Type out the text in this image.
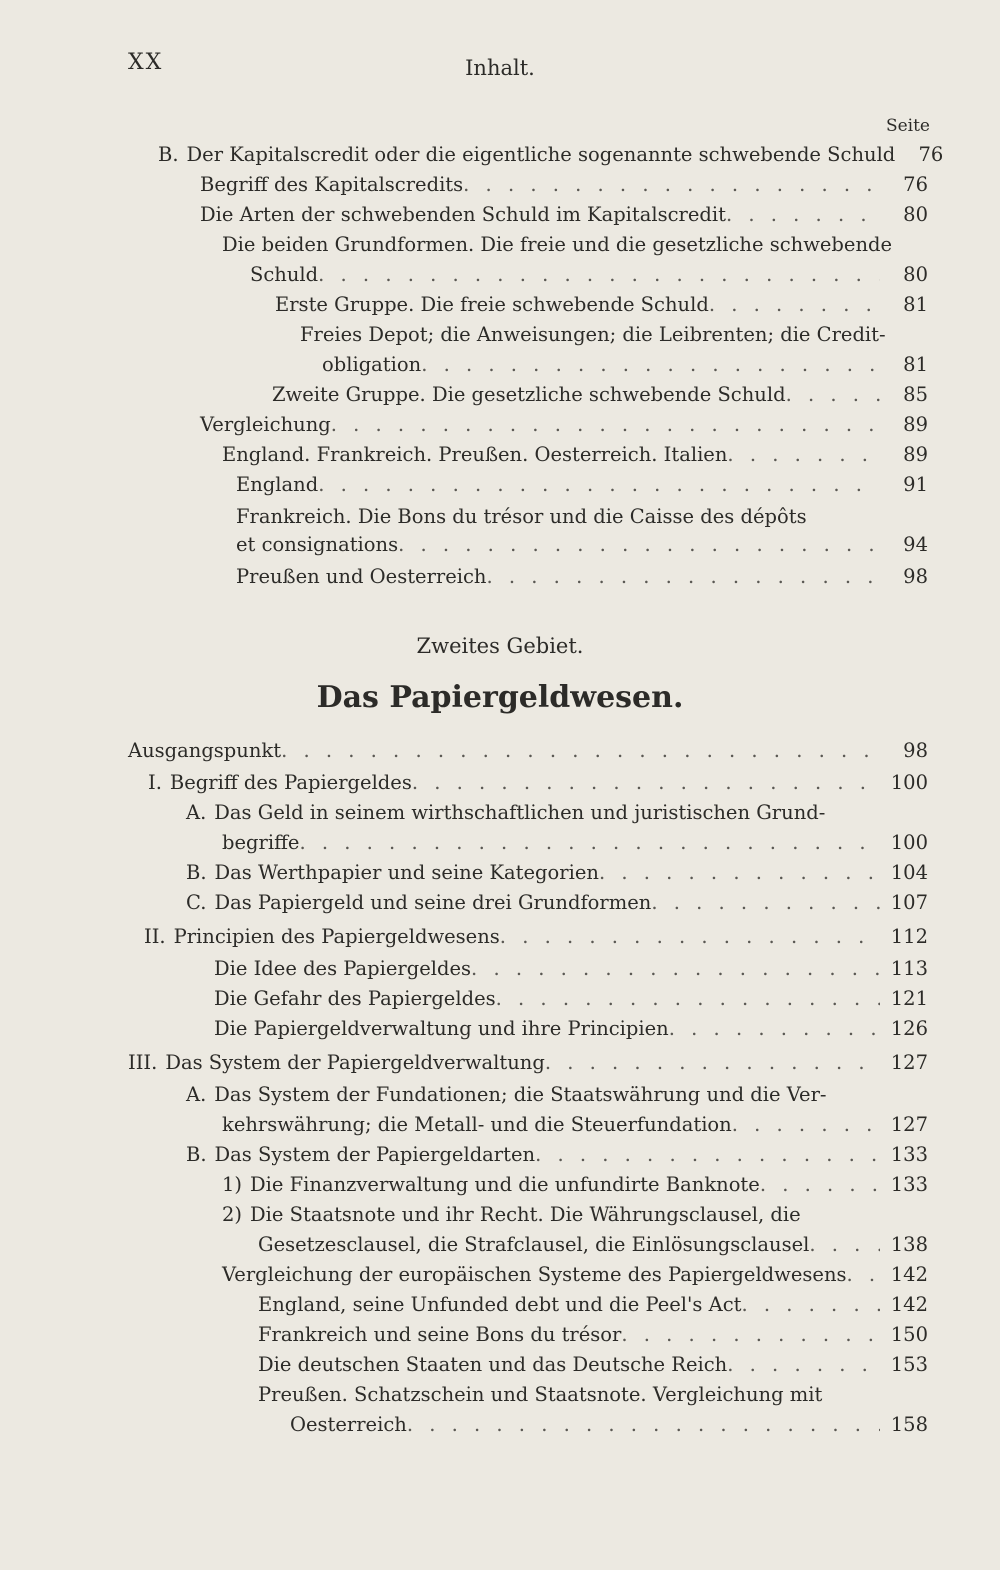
XX	Inhalt.
Seite
B. Der Kapitalscredit oder die eigentliche sogenannte schwebende Schuld	76
Begriff des Kapitalscredits . . .	76
Die Arten der schwebenden Schuld im Kapitalscredit . . .	80
Die beiden Grundformen. Die freie und die gesetzliche schwebende
Schuld . . .	80
Erste Gruppe. Die freie schwebende Schuld . . .	81
Freies Depot; die Anweisungen; die Leibrenten; die Credit-
obligation . . .	81
Zweite Gruppe. Die gesetzliche schwebende Schuld . . .	85
Vergleichung . . .	89
England. Frankreich. Preußen. Oesterreich. Italien . . .	89
England . . .	91
Frankreich. Die Bons du trésor und die Caisse des dépôts
et consignations . . .	94
Preußen und Oesterreich . . .	98
Zweites Gebiet.
Das Papiergeldwesen.
Ausgangspunkt . . .	98
I. Begriff des Papiergeldes . . .	100
A. Das Geld in seinem wirthschaftlichen und juristischen Grund-
begriffe . . .	100
B. Das Werthpapier und seine Kategorien . . .	104
C. Das Papiergeld und seine drei Grundformen . . .	107
II. Principien des Papiergeldwesens . . .	112
Die Idee des Papiergeldes . . .	113
Die Gefahr des Papiergeldes . . .	121
Die Papiergeldverwaltung und ihre Principien . . .	126
III. Das System der Papiergeldverwaltung . . .	127
A. Das System der Fundationen; die Staatswährung und die Ver-
kehrswährung; die Metall- und die Steuerfundation . . .	127
B. Das System der Papiergeldarten . . .	133
1) Die Finanzverwaltung und die unfundirte Banknote . . .	133
2) Die Staatsnote und ihr Recht. Die Währungsclausel, die
Gesetzesclausel, die Strafclausel, die Einlösungsclausel . . .	138
Vergleichung der europäischen Systeme des Papiergeldwesens . . . 142
England, seine Unfunded debt und die Peel's Act . . .	142
Frankreich und seine Bons du trésor . . .	150
Die deutschen Staaten und das Deutsche Reich . . .	153
Preußen. Schatzschein und Staatsnote. Vergleichung mit
Oesterreich . . .	158
